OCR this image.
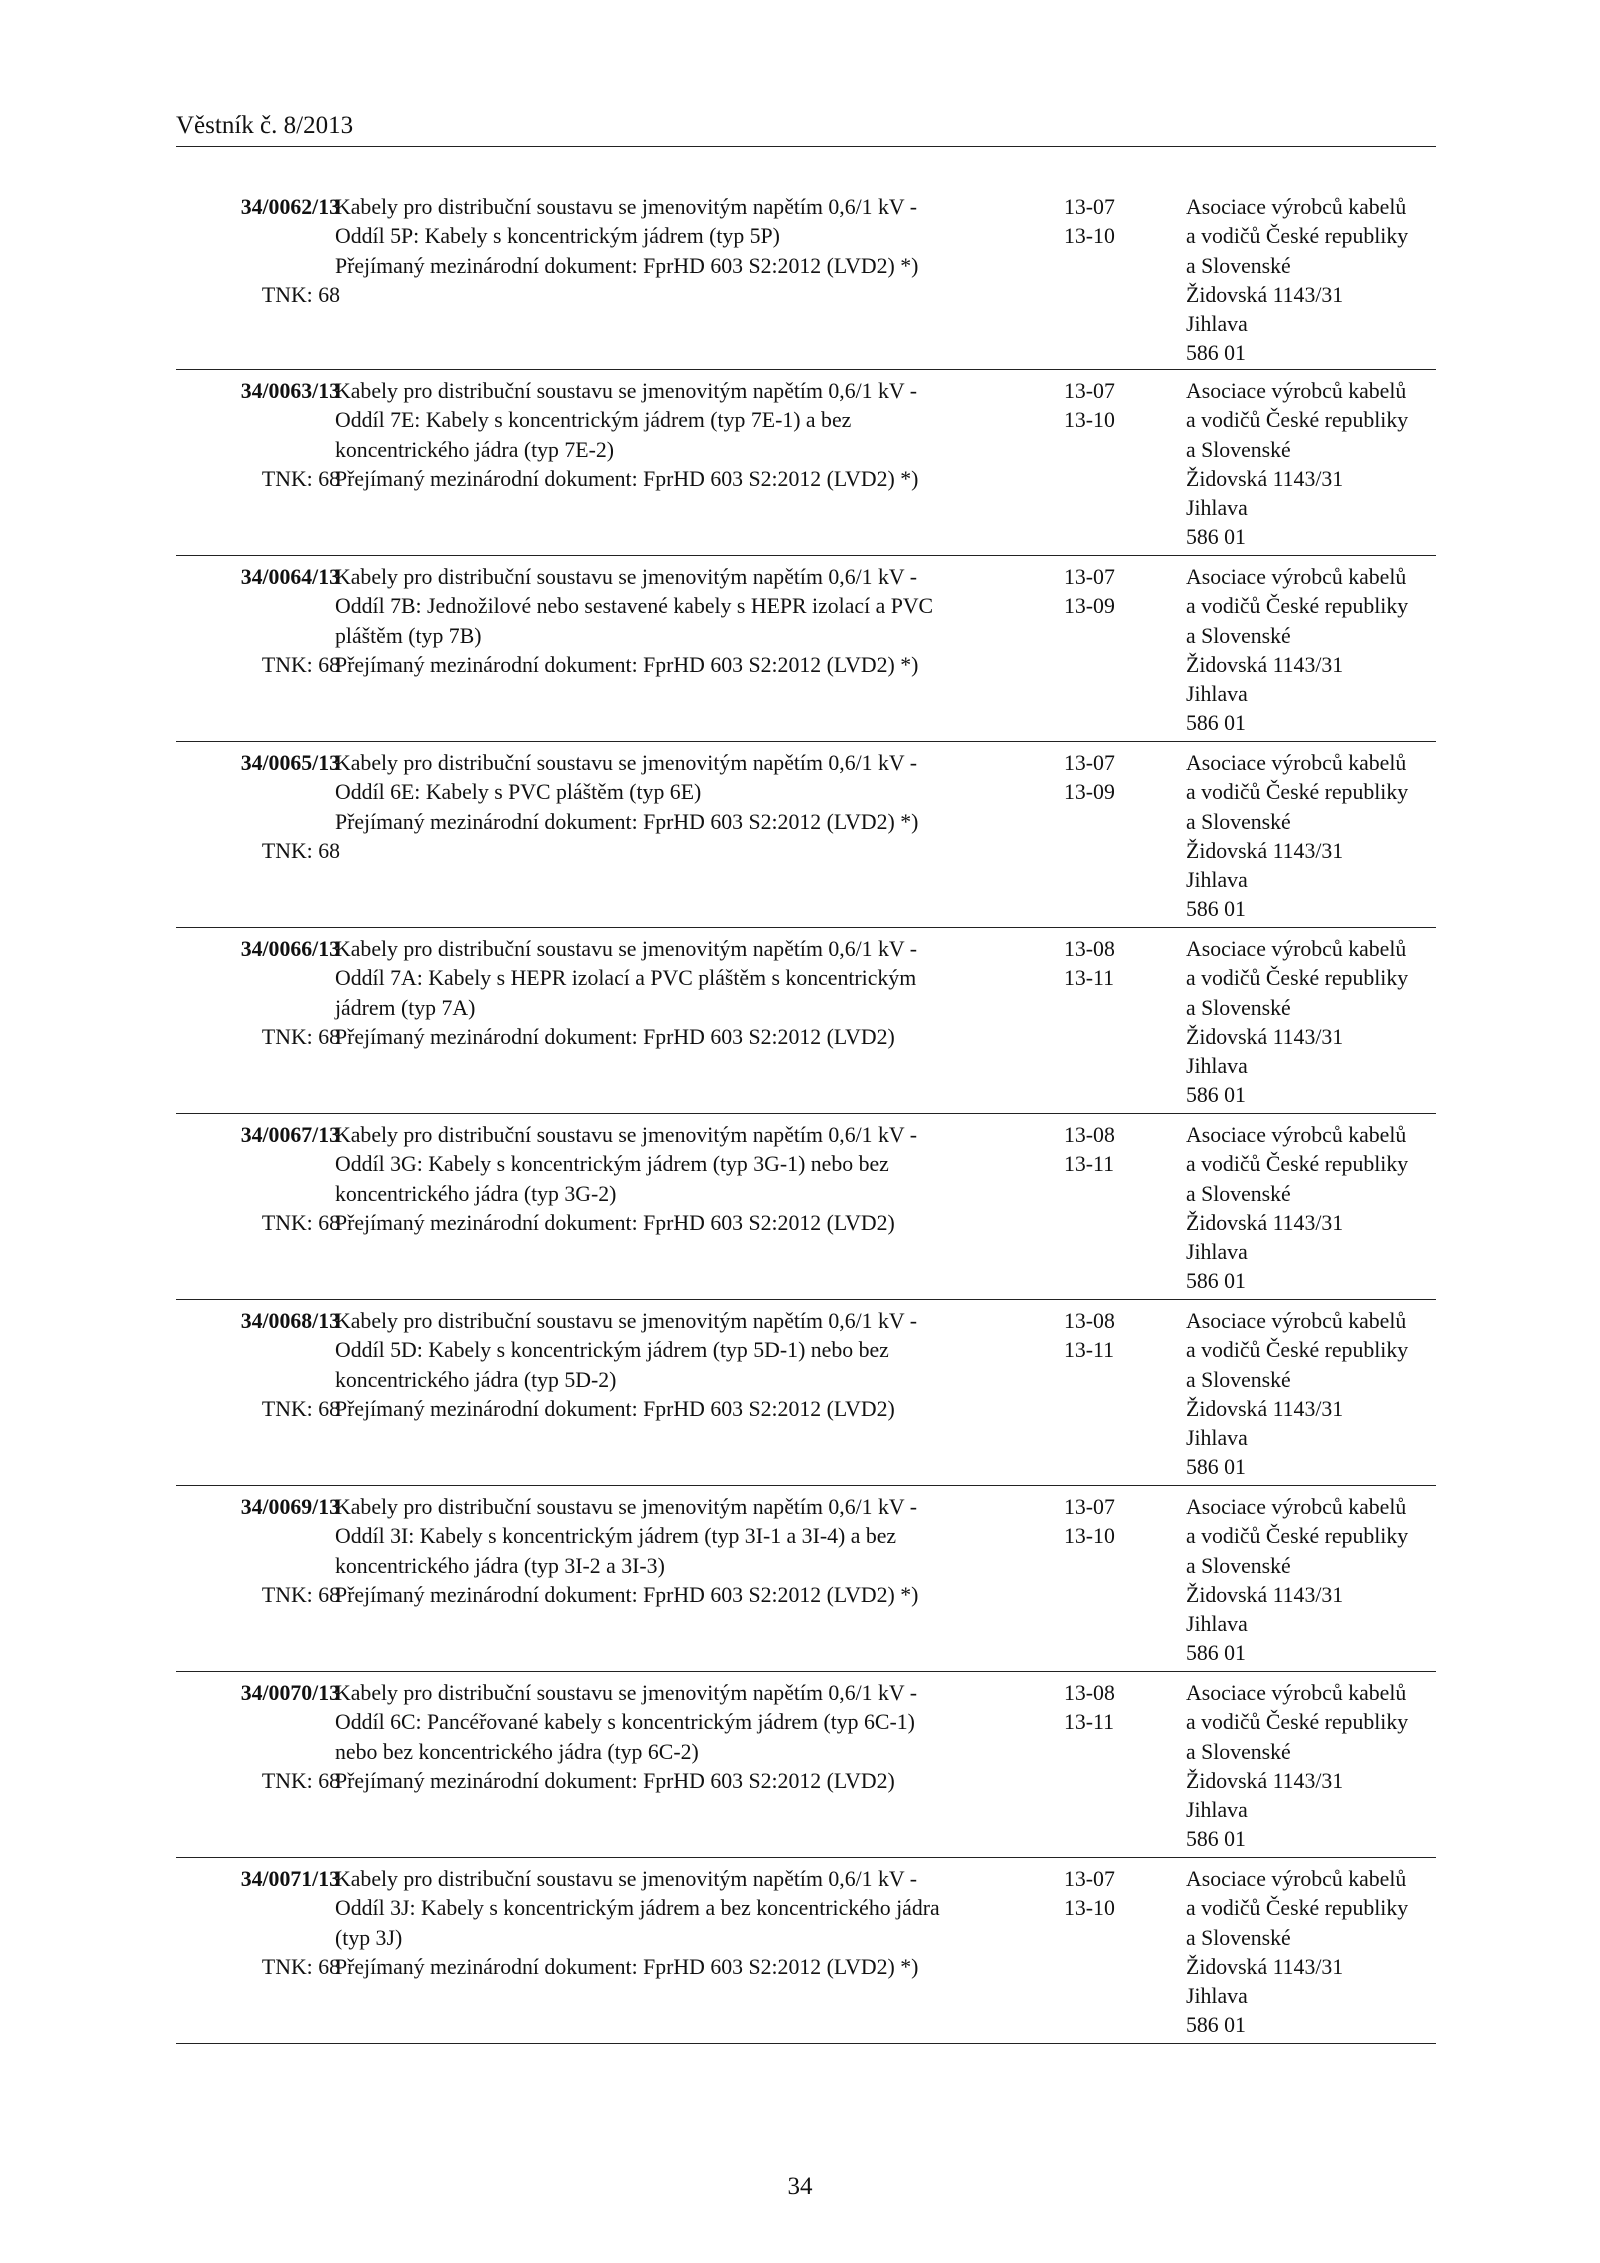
Věstník č. 8/2013
34/0062/13
TNK: 68
Kabely pro distribuční soustavu se jmenovitým napětím 0,6/1 kV -
Oddíl 5P: Kabely s koncentrickým jádrem (typ 5P)
Přejímaný mezinárodní dokument: FprHD 603 S2:2012 (LVD2) *)
13-07
13-10
Asociace výrobců kabelů
a vodičů České republiky
a Slovenské
Židovská 1143/31
Jihlava
586 01
34/0063/13
TNK: 68
Kabely pro distribuční soustavu se jmenovitým napětím 0,6/1 kV -
Oddíl 7E: Kabely s koncentrickým jádrem (typ 7E-1) a bez
koncentrického jádra (typ 7E-2)
Přejímaný mezinárodní dokument: FprHD 603 S2:2012 (LVD2) *)
13-07
13-10
Asociace výrobců kabelů
a vodičů České republiky
a Slovenské
Židovská 1143/31
Jihlava
586 01
34/0064/13
TNK: 68
Kabely pro distribuční soustavu se jmenovitým napětím 0,6/1 kV -
Oddíl 7B: Jednožilové nebo sestavené kabely s HEPR izolací a PVC
pláštěm (typ 7B)
Přejímaný mezinárodní dokument: FprHD 603 S2:2012 (LVD2) *)
13-07
13-09
Asociace výrobců kabelů
a vodičů České republiky
a Slovenské
Židovská 1143/31
Jihlava
586 01
34/0065/13
TNK: 68
Kabely pro distribuční soustavu se jmenovitým napětím 0,6/1 kV -
Oddíl 6E: Kabely s PVC pláštěm (typ 6E)
Přejímaný mezinárodní dokument: FprHD 603 S2:2012 (LVD2) *)
13-07
13-09
Asociace výrobců kabelů
a vodičů České republiky
a Slovenské
Židovská 1143/31
Jihlava
586 01
34/0066/13
TNK: 68
Kabely pro distribuční soustavu se jmenovitým napětím 0,6/1 kV -
Oddíl 7A: Kabely s HEPR izolací a PVC pláštěm s koncentrickým
jádrem (typ 7A)
Přejímaný mezinárodní dokument: FprHD 603 S2:2012 (LVD2)
13-08
13-11
Asociace výrobců kabelů
a vodičů České republiky
a Slovenské
Židovská 1143/31
Jihlava
586 01
34/0067/13
TNK: 68
Kabely pro distribuční soustavu se jmenovitým napětím 0,6/1 kV -
Oddíl 3G: Kabely s koncentrickým jádrem (typ 3G-1) nebo bez
koncentrického jádra (typ 3G-2)
Přejímaný mezinárodní dokument: FprHD 603 S2:2012 (LVD2)
13-08
13-11
Asociace výrobců kabelů
a vodičů České republiky
a Slovenské
Židovská 1143/31
Jihlava
586 01
34/0068/13
TNK: 68
Kabely pro distribuční soustavu se jmenovitým napětím 0,6/1 kV -
Oddíl 5D: Kabely s koncentrickým jádrem (typ 5D-1) nebo bez
koncentrického jádra (typ 5D-2)
Přejímaný mezinárodní dokument: FprHD 603 S2:2012 (LVD2)
13-08
13-11
Asociace výrobců kabelů
a vodičů České republiky
a Slovenské
Židovská 1143/31
Jihlava
586 01
34/0069/13
TNK: 68
Kabely pro distribuční soustavu se jmenovitým napětím 0,6/1 kV -
Oddíl 3I: Kabely s koncentrickým jádrem (typ 3I-1 a 3I-4) a bez
koncentrického jádra (typ 3I-2 a 3I-3)
Přejímaný mezinárodní dokument: FprHD 603 S2:2012 (LVD2) *)
13-07
13-10
Asociace výrobců kabelů
a vodičů České republiky
a Slovenské
Židovská 1143/31
Jihlava
586 01
34/0070/13
TNK: 68
Kabely pro distribuční soustavu se jmenovitým napětím 0,6/1 kV -
Oddíl 6C: Pancéřované kabely s koncentrickým jádrem (typ 6C-1)
nebo bez koncentrického jádra (typ 6C-2)
Přejímaný mezinárodní dokument: FprHD 603 S2:2012 (LVD2)
13-08
13-11
Asociace výrobců kabelů
a vodičů České republiky
a Slovenské
Židovská 1143/31
Jihlava
586 01
34/0071/13
TNK: 68
Kabely pro distribuční soustavu se jmenovitým napětím 0,6/1 kV -
Oddíl 3J: Kabely s koncentrickým jádrem a bez koncentrického jádra
(typ 3J)
Přejímaný mezinárodní dokument: FprHD 603 S2:2012 (LVD2) *)
13-07
13-10
Asociace výrobců kabelů
a vodičů České republiky
a Slovenské
Židovská 1143/31
Jihlava
586 01
34
